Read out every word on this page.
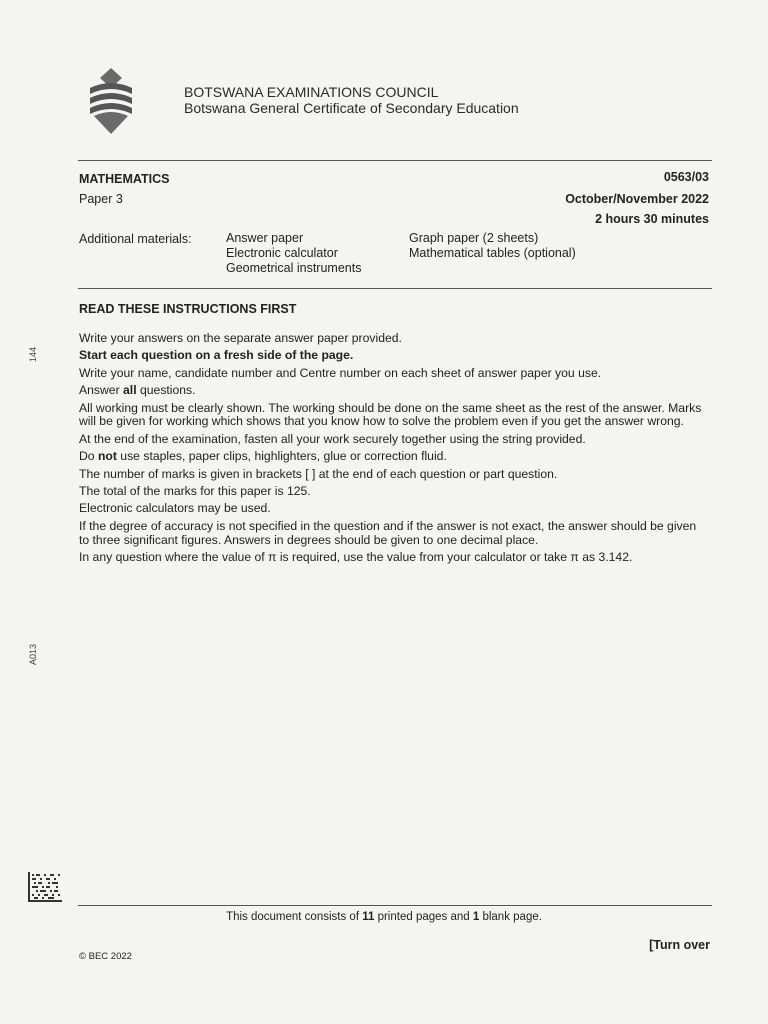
BOTSWANA EXAMINATIONS COUNCIL
Botswana General Certificate of Secondary Education
MATHEMATICS
Paper 3
0563/03
October/November 2022
2 hours 30 minutes
Additional materials:	Answer paper
Electronic calculator
Geometrical instruments
Graph paper (2 sheets)
Mathematical tables (optional)
READ THESE INSTRUCTIONS FIRST

Write your answers on the separate answer paper provided.

Start each question on a fresh side of the page.

Write your name, candidate number and Centre number on each sheet of answer paper you use.

Answer all questions.

All working must be clearly shown. The working should be done on the same sheet as the rest of the answer. Marks will be given for working which shows that you know how to solve the problem even if you get the answer wrong.

At the end of the examination, fasten all your work securely together using the string provided.

Do not use staples, paper clips, highlighters, glue or correction fluid.

The number of marks is given in brackets [ ] at the end of each question or part question.

The total of the marks for this paper is 125.

Electronic calculators may be used.

If the degree of accuracy is not specified in the question and if the answer is not exact, the answer should be given to three significant figures. Answers in degrees should be given to one decimal place.

In any question where the value of π is required, use the value from your calculator or take π as 3.142.

144
A013
This document consists of 11 printed pages and 1 blank page.
© BEC 2022
[Turn over
